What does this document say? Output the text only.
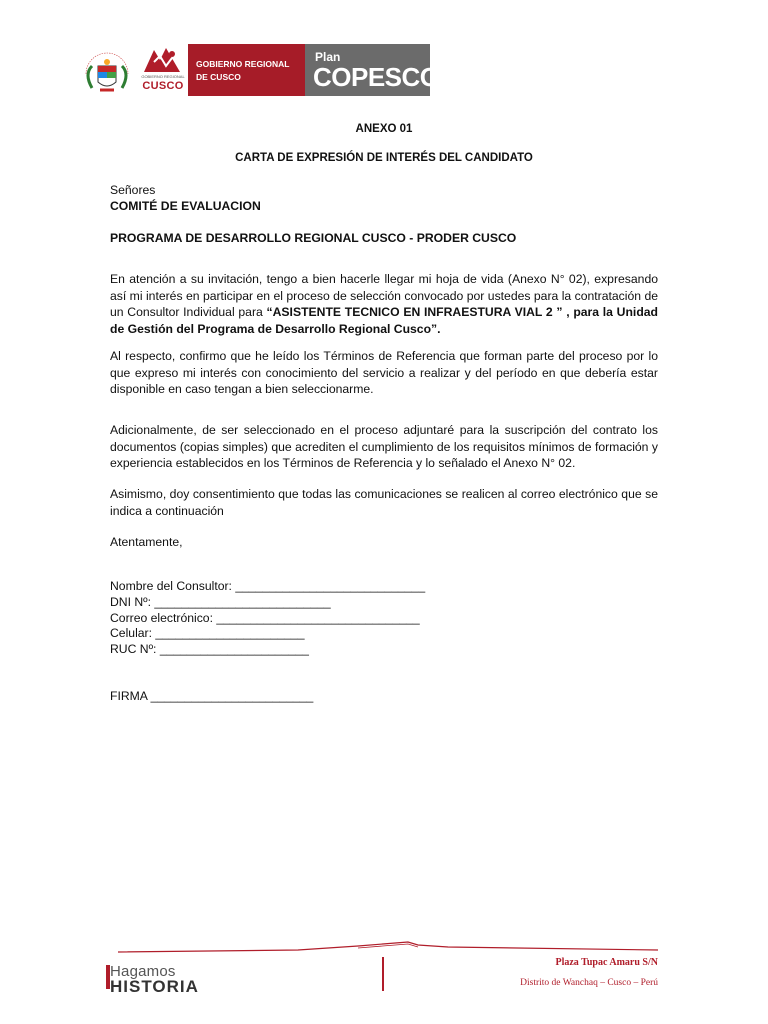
GOBIERNO REGIONAL
CUSCO
GOBIERNO REGIONAL
DE CUSCO
Plan
COPESCO
ANEXO 01
CARTA DE EXPRESIÓN DE INTERÉS DEL CANDIDATO
Señores
COMITÉ DE EVALUACION
PROGRAMA DE DESARROLLO REGIONAL CUSCO - PRODER CUSCO
En atención a su invitación, tengo a bien hacerle llegar mi hoja de vida (Anexo N° 02), expresando así mi interés en participar en el proceso de selección convocado por ustedes para la contratación de un Consultor Individual para “ASISTENTE TECNICO EN INFRAESTURA VIAL 2 ” , para la Unidad de Gestión del Programa de Desarrollo Regional Cusco”.
Al respecto, confirmo que he leído los Términos de Referencia que forman parte del proceso por lo que expreso mi interés con conocimiento del servicio a realizar y del período en que debería estar disponible en caso tengan a bien seleccionarme.
Adicionalmente, de ser seleccionado en el proceso adjuntaré para la suscripción del contrato los documentos (copias simples) que acrediten el cumplimiento de los requisitos mínimos de formación y experiencia establecidos en los Términos de Referencia y lo señalado el Anexo N° 02.
Asimismo, doy consentimiento que todas las comunicaciones se realicen al correo electrónico que se indica a continuación
Atentamente,
Nombre del Consultor: ____________________________
DNI Nº: __________________________
Correo electrónico: ______________________________
Celular: ______________________
RUC Nº: ______________________
FIRMA ________________________
Hagamos
HISTORIA
Plaza Tupac Amaru S/N
Distrito de Wanchaq – Cusco – Perú
